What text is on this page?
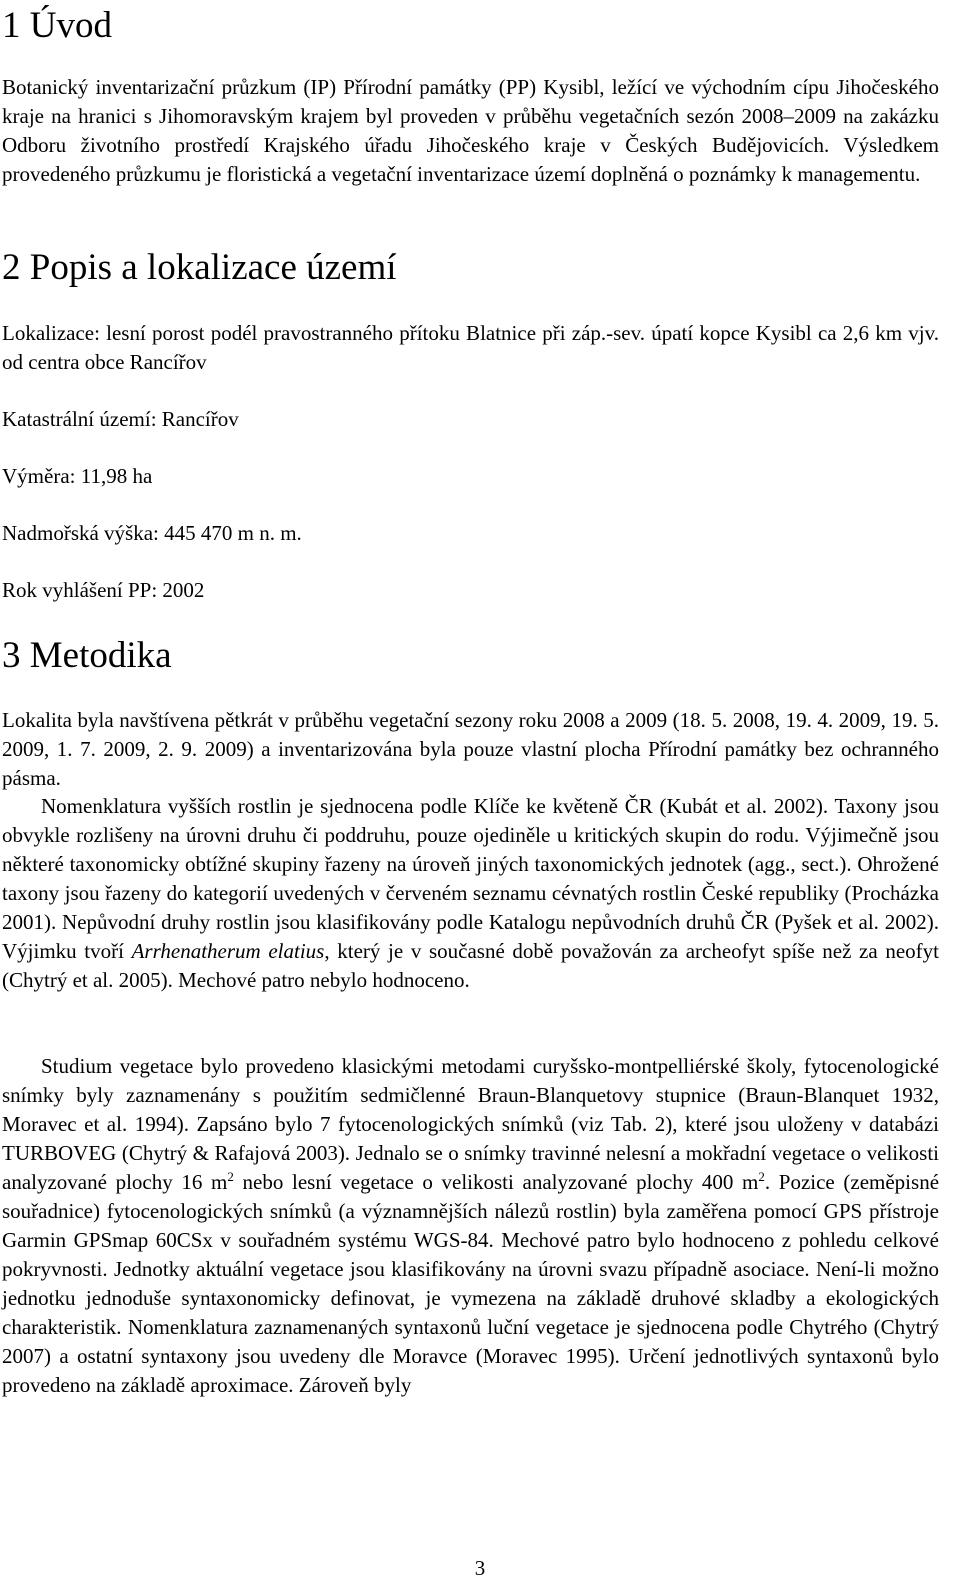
1 Úvod

Botanický inventarizační průzkum (IP) Přírodní památky (PP) Kysibl, ležící ve východním cípu Jihočeského kraje na hranici s Jihomoravským krajem byl proveden v průběhu vegetačních sezón 2008–2009 na zakázku Odboru životního prostředí Krajského úřadu Jihočeského kraje v Českých Budějovicích. Výsledkem provedeného průzkumu je floristická a vegetační inventarizace území doplněná o poznámky k managementu.

2 Popis a lokalizace území

Lokalizace: lesní porost podél pravostranného přítoku Blatnice při záp.-sev. úpatí kopce Kysibl ca 2,6 km vjv. od centra obce Rancířov

Katastrální území: Rancířov

Výměra: 11,98 ha

Nadmořská výška: 445 470 m n. m.

Rok vyhlášení PP: 2002

3 Metodika

Lokalita byla navštívena pětkrát v průběhu vegetační sezony roku 2008 a 2009 (18. 5. 2008, 19. 4. 2009, 19. 5. 2009, 1. 7. 2009, 2. 9. 2009) a inventarizována byla pouze vlastní plocha Přírodní památky bez ochranného pásma.

Nomenklatura vyšších rostlin je sjednocena podle Klíče ke květeně ČR (Kubát et al. 2002). Taxony jsou obvykle rozlišeny na úrovni druhu či poddruhu, pouze ojediněle u kritických skupin do rodu. Výjimečně jsou některé taxonomicky obtížné skupiny řazeny na úroveň jiných taxonomických jednotek (agg., sect.). Ohrožené taxony jsou řazeny do kategorií uvedených v červeném seznamu cévnatých rostlin České republiky (Procházka 2001). Nepůvodní druhy rostlin jsou klasifikovány podle Katalogu nepůvodních druhů ČR (Pyšek et al. 2002). Výjimku tvoří Arrhenatherum elatius, který je v současné době považován za archeofyt spíše než za neofyt (Chytrý et al. 2005). Mechové patro nebylo hodnoceno.

Studium vegetace bylo provedeno klasickými metodami curyšsko-montpelliérské školy, fytocenologické snímky byly zaznamenány s použitím sedmičlenné Braun-Blanquetovy stupnice (Braun-Blanquet 1932, Moravec et al. 1994). Zapsáno bylo 7 fytocenologických snímků (viz Tab. 2), které jsou uloženy v databázi TURBOVEG (Chytrý & Rafajová 2003). Jednalo se o snímky travinné nelesní a mokřadní vegetace o velikosti analyzované plochy 16 $m^2$ nebo lesní vegetace o velikosti analyzované plochy 400 $m^2$. Pozice (zeměpisné souřadnice) fytocenologických snímků (a významnějších nálezů rostlin) byla zaměřena pomocí GPS přístroje Garmin GPSmap 60CSx v souřadném systému WGS-84. Mechové patro bylo hodnoceno z pohledu celkové pokryvnosti. Jednotky aktuální vegetace jsou klasifikovány na úrovni svazu případně asociace. Není-li možno jednotku jednoduše syntaxonomicky definovat, je vymezena na základě druhové skladby a ekologických charakteristik. Nomenklatura zaznamenaných syntaxonů luční vegetace je sjednocena podle Chytrého (Chytrý 2007) a ostatní syntaxony jsou uvedeny dle Moravce (Moravec 1995). Určení jednotlivých syntaxonů bylo provedeno na základě aproximace. Zároveň byly

3
